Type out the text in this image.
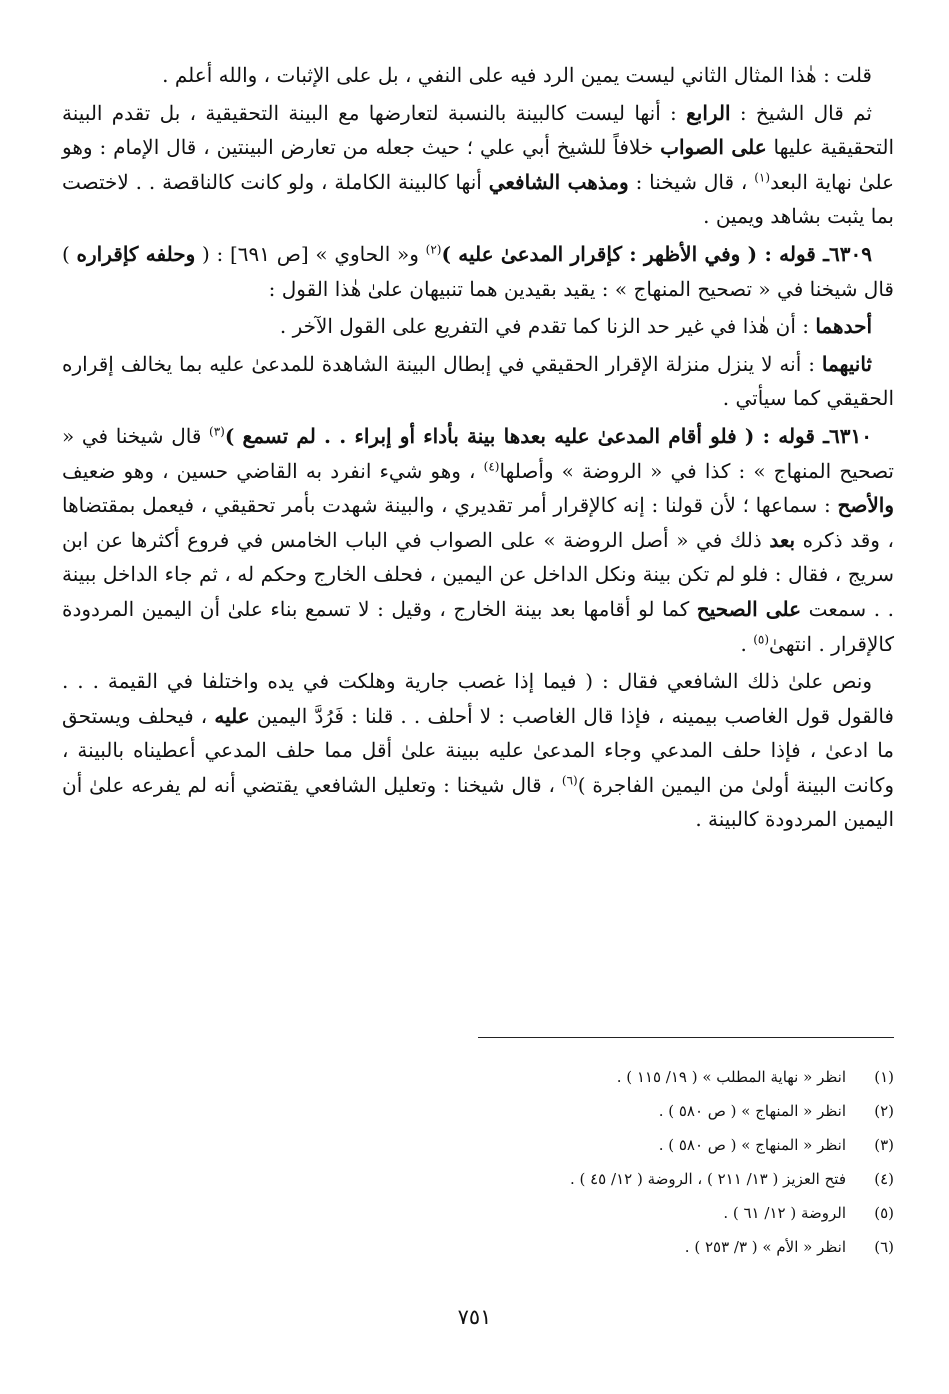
قلت : هٰذا المثال الثاني ليست يمين الرد فيه على النفي ، بل على الإثبات ، والله أعلم .

ثم قال الشيخ : الرابع : أنها ليست كالبينة بالنسبة لتعارضها مع البينة التحقيقية ، بل تقدم البينة التحقيقية عليها على الصواب خلافاً للشيخ أبي علي ؛ حيث جعله من تعارض البينتين ، قال الإمام : وهو علىٰ نهاية البعد$^{(١)}$ ، قال شيخنا : ومذهب الشافعي أنها كالبينة الكاملة ، ولو كانت كالناقصة . . لاختصت بما يثبت بشاهد ويمين .

٦٣٠٩ـ قوله : ( وفي الأظهر : كإقرار المدعىٰ عليه )$^{(٢)}$ و« الحاوي » [ص ٦٩١] : ( وحلفه كإقراره ) قال شيخنا في « تصحيح المنهاج » : يقيد بقيدين هما تنبيهان علىٰ هٰذا القول :

أحدهما : أن هٰذا في غير حد الزنا كما تقدم في التفريع على القول الآخر .

ثانيهما : أنه لا ينزل منزلة الإقرار الحقيقي في إبطال البينة الشاهدة للمدعىٰ عليه بما يخالف إقراره الحقيقي كما سيأتي .

٦٣١٠ـ قوله : ( فلو أقام المدعىٰ عليه بعدها بينة بأداء أو إبراء . . لم تسمع )$^{(٣)}$ قال شيخنا في « تصحيح المنهاج » : كذا في « الروضة » وأصلها$^{(٤)}$ ، وهو شيء انفرد به القاضي حسين ، وهو ضعيف والأصح : سماعها ؛ لأن قولنا : إنه كالإقرار أمر تقديري ، والبينة شهدت بأمر تحقيقي ، فيعمل بمقتضاها ، وقد ذكره بعد ذلك في « أصل الروضة » على الصواب في الباب الخامس في فروع أكثرها عن ابن سريج ، فقال : فلو لم تكن بينة ونكل الداخل عن اليمين ، فحلف الخارج وحكم له ، ثم جاء الداخل ببينة . . سمعت على الصحيح كما لو أقامها بعد بينة الخارج ، وقيل : لا تسمع بناء علىٰ أن اليمين المردودة كالإقرار . انتهىٰ$^{(٥)}$ .

ونص علىٰ ذلك الشافعي فقال : ( فيما إذا غصب جارية وهلكت في يده واختلفا في القيمة . . . فالقول قول الغاصب بيمينه ، فإذا قال الغاصب : لا أحلف . . قلنا : فَرُدَّ اليمين عليه ، فيحلف ويستحق ما ادعىٰ ، فإذا حلف المدعي وجاء المدعىٰ عليه ببينة علىٰ أقل مما حلف المدعي أعطيناه بالبينة ، وكانت البينة أولىٰ من اليمين الفاجرة )$^{(٦)}$ ، قال شيخنا : وتعليل الشافعي يقتضي أنه لم يفرعه علىٰ أن اليمين المردودة كالبينة .

(١)انظر « نهاية المطلب » ( ١٩/ ١١٥ ) .
(٢)انظر « المنهاج » ( ص ٥٨٠ ) .
(٣)انظر « المنهاج » ( ص ٥٨٠ ) .
(٤)فتح العزيز ( ١٣/ ٢١١ ) ، الروضة ( ١٢/ ٤٥ ) .
(٥)الروضة ( ١٢/ ٦١ ) .
(٦)انظر « الأم » ( ٣/ ٢٥٣ ) .
٧٥١
